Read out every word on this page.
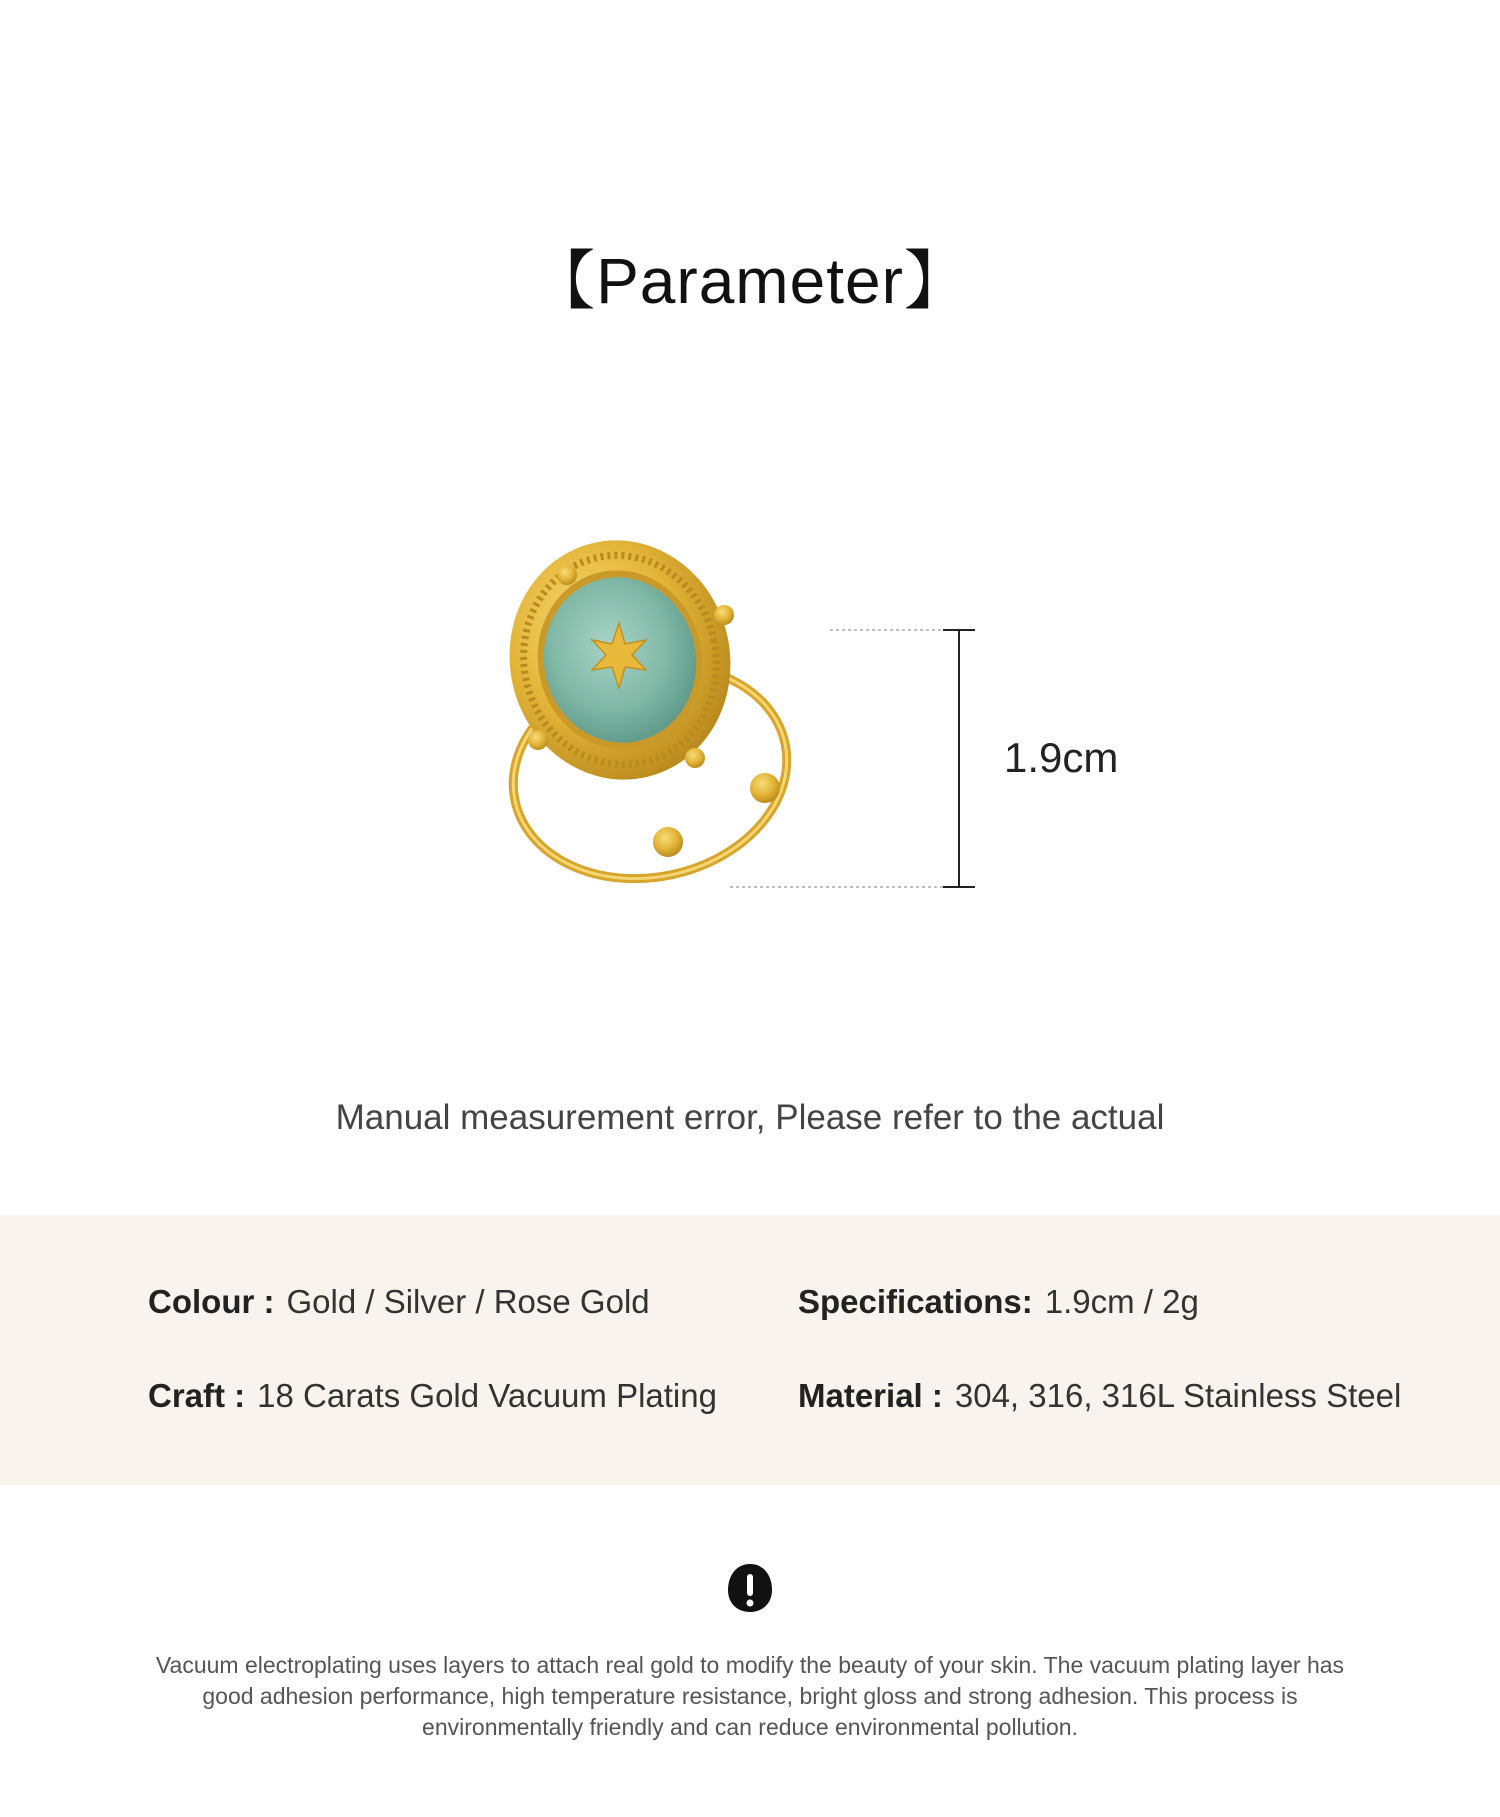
【Parameter】
1.9cm
Manual measurement error, Please refer to the actual
Colour : Gold / Silver / Rose Gold	Specifications: 1.9cm / 2g
Craft : 18 Carats Gold Vacuum Plating Material : 304, 316, 316L Stainless Steel
Vacuum electroplating uses layers to attach real gold to modify the beauty of your skin. The vacuum plating layer has good adhesion performance, high temperature resistance, bright gloss and strong adhesion. This process is environmentally friendly and can reduce environmental pollution.
